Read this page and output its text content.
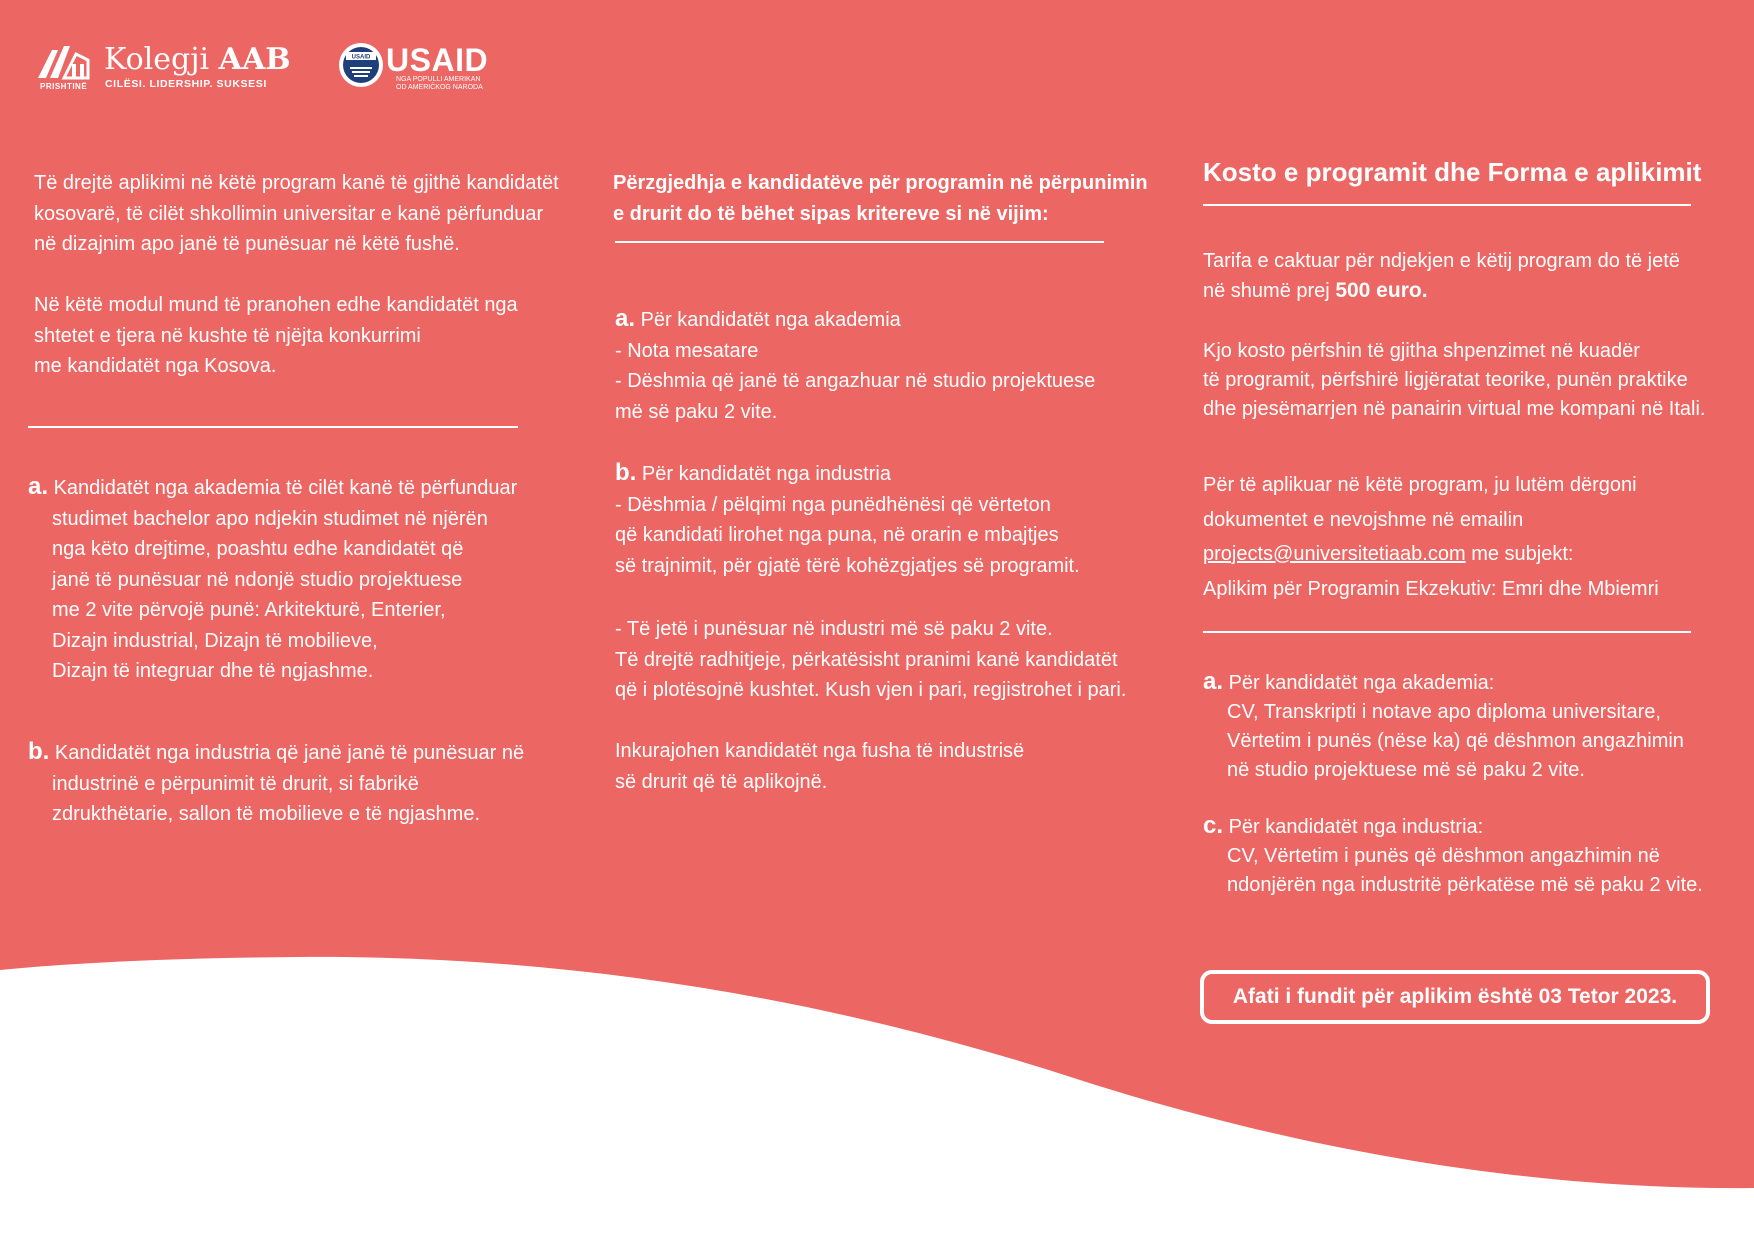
PRISHTINË
Kolegji AAB
CILËSI. LIDERSHIP. SUKSESI
USAID USAID
NGA POPULLI AMERIKAN
OD AMERIČKOG NARODA
Të drejtë aplikimi në këtë program kanë të gjithë kandidatët
kosovarë, të cilët shkollimin universitar e kanë përfunduar
në dizajnim apo janë të punësuar në këtë fushë.
Në këtë modul mund të pranohen edhe kandidatët nga
shtetet e tjera në kushte të njëjta konkurrimi
me kandidatët nga Kosova.
a. Kandidatët nga akademia të cilët kanë të përfunduar
studimet bachelor apo ndjekin studimet në njërën
nga këto drejtime, poashtu edhe kandidatët që
janë të punësuar në ndonjë studio projektuese
me 2 vite përvojë punë: Arkitekturë, Enterier,
Dizajn industrial, Dizajn të mobilieve,
Dizajn të integruar dhe të ngjashme.
b. Kandidatët nga industria që janë janë të punësuar në
industrinë e përpunimit të drurit, si fabrikë
zdrukthëtarie, sallon të mobilieve e të ngjashme.
Përzgjedhja e kandidatëve për programin në përpunimin
e drurit do të bëhet sipas kritereve si në vijim:
a. Për kandidatët nga akademia
- Nota mesatare
- Dëshmia që janë të angazhuar në studio projektuese
më së paku 2 vite.
b. Për kandidatët nga industria
- Dëshmia / pëlqimi nga punëdhënësi që vërteton
që kandidati lirohet nga puna, në orarin e mbajtjes
së trajnimit, për gjatë tërë kohëzgjatjes së programit.
- Të jetë i punësuar në industri më së paku 2 vite.
Të drejtë radhitjeje, përkatësisht pranimi kanë kandidatët
që i plotësojnë kushtet. Kush vjen i pari, regjistrohet i pari.
Inkurajohen kandidatët nga fusha të industrisë
së drurit që të aplikojnë.
Kosto e programit dhe Forma e aplikimit
Tarifa e caktuar për ndjekjen e këtij program do të jetë
në shumë prej 500 euro.
Kjo kosto përfshin të gjitha shpenzimet në kuadër
të programit, përfshirë ligjëratat teorike, punën praktike
dhe pjesëmarrjen në panairin virtual me kompani në Itali.
Për të aplikuar në këtë program, ju lutëm dërgoni
dokumentet e nevojshme në emailin
projects@universitetiaab.com me subjekt:
Aplikim për Programin Ekzekutiv: Emri dhe Mbiemri
a. Për kandidatët nga akademia:
CV, Transkripti i notave apo diploma universitare,
Vërtetim i punës (nëse ka) që dëshmon angazhimin
në studio projektuese më së paku 2 vite.
c. Për kandidatët nga industria:
CV, Vërtetim i punës që dëshmon angazhimin në
ndonjërën nga industritë përkatëse më së paku 2 vite.
Afati i fundit për aplikim është 03 Tetor 2023.
